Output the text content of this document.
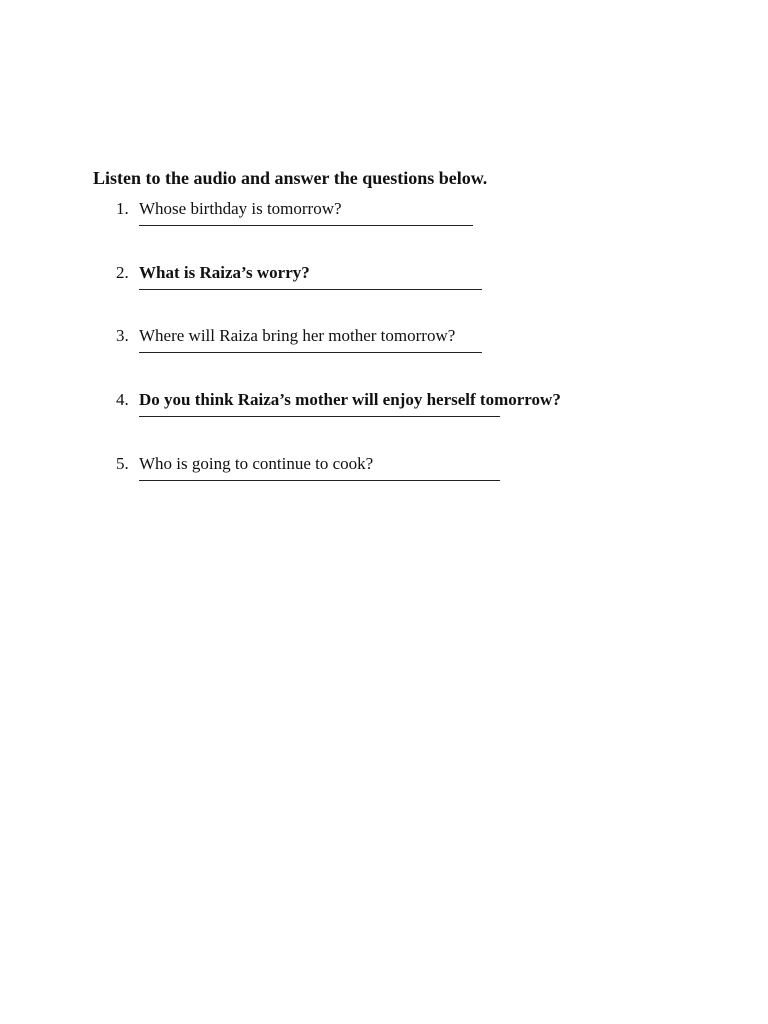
Listen to the audio and answer the questions below.

1. Whose birthday is tomorrow?
2. What is Raiza’s worry?
3. Where will Raiza bring her mother tomorrow?
4. Do you think Raiza’s mother will enjoy herself tomorrow?
5. Who is going to continue to cook?
